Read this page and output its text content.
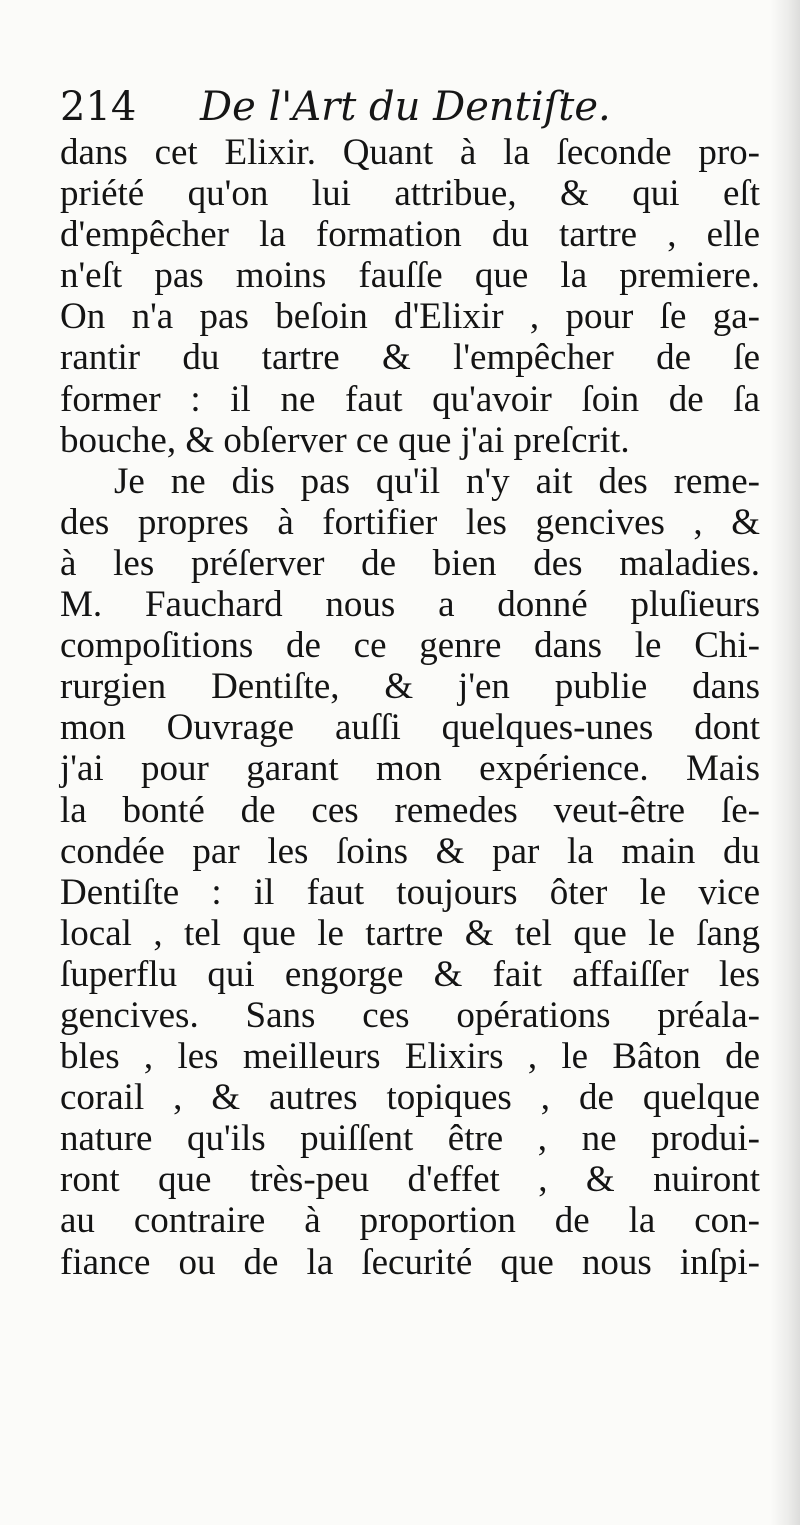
214 De l'Art du Dentiſte.
dans cet Elixir. Quant à la ſeconde pro-
priété qu'on lui attribue, & qui eſt
d'empêcher la formation du tartre , elle
n'eſt pas moins fauſſe que la premiere.
On n'a pas beſoin d'Elixir , pour ſe ga-
rantir du tartre & l'empêcher de ſe
former : il ne faut qu'avoir ſoin de ſa
bouche, & obſerver ce que j'ai preſcrit.
Je ne dis pas qu'il n'y ait des reme-
des propres à fortifier les gencives , &
à les préſerver de bien des maladies.
M. Fauchard nous a donné pluſieurs
compoſitions de ce genre dans le Chi-
rurgien Dentiſte, & j'en publie dans
mon Ouvrage auſſi quelques-unes dont
j'ai pour garant mon expérience. Mais
la bonté de ces remedes veut-être ſe-
condée par les ſoins & par la main du
Dentiſte : il faut toujours ôter le vice
local , tel que le tartre & tel que le ſang
ſuperflu qui engorge & fait affaiſſer les
gencives. Sans ces opérations préala-
bles , les meilleurs Elixirs , le Bâton de
corail , & autres topiques , de quelque
nature qu'ils puiſſent être , ne produi-
ront que très-peu d'effet , & nuiront
au contraire à proportion de la con-
fiance ou de la ſecurité que nous inſpi-
